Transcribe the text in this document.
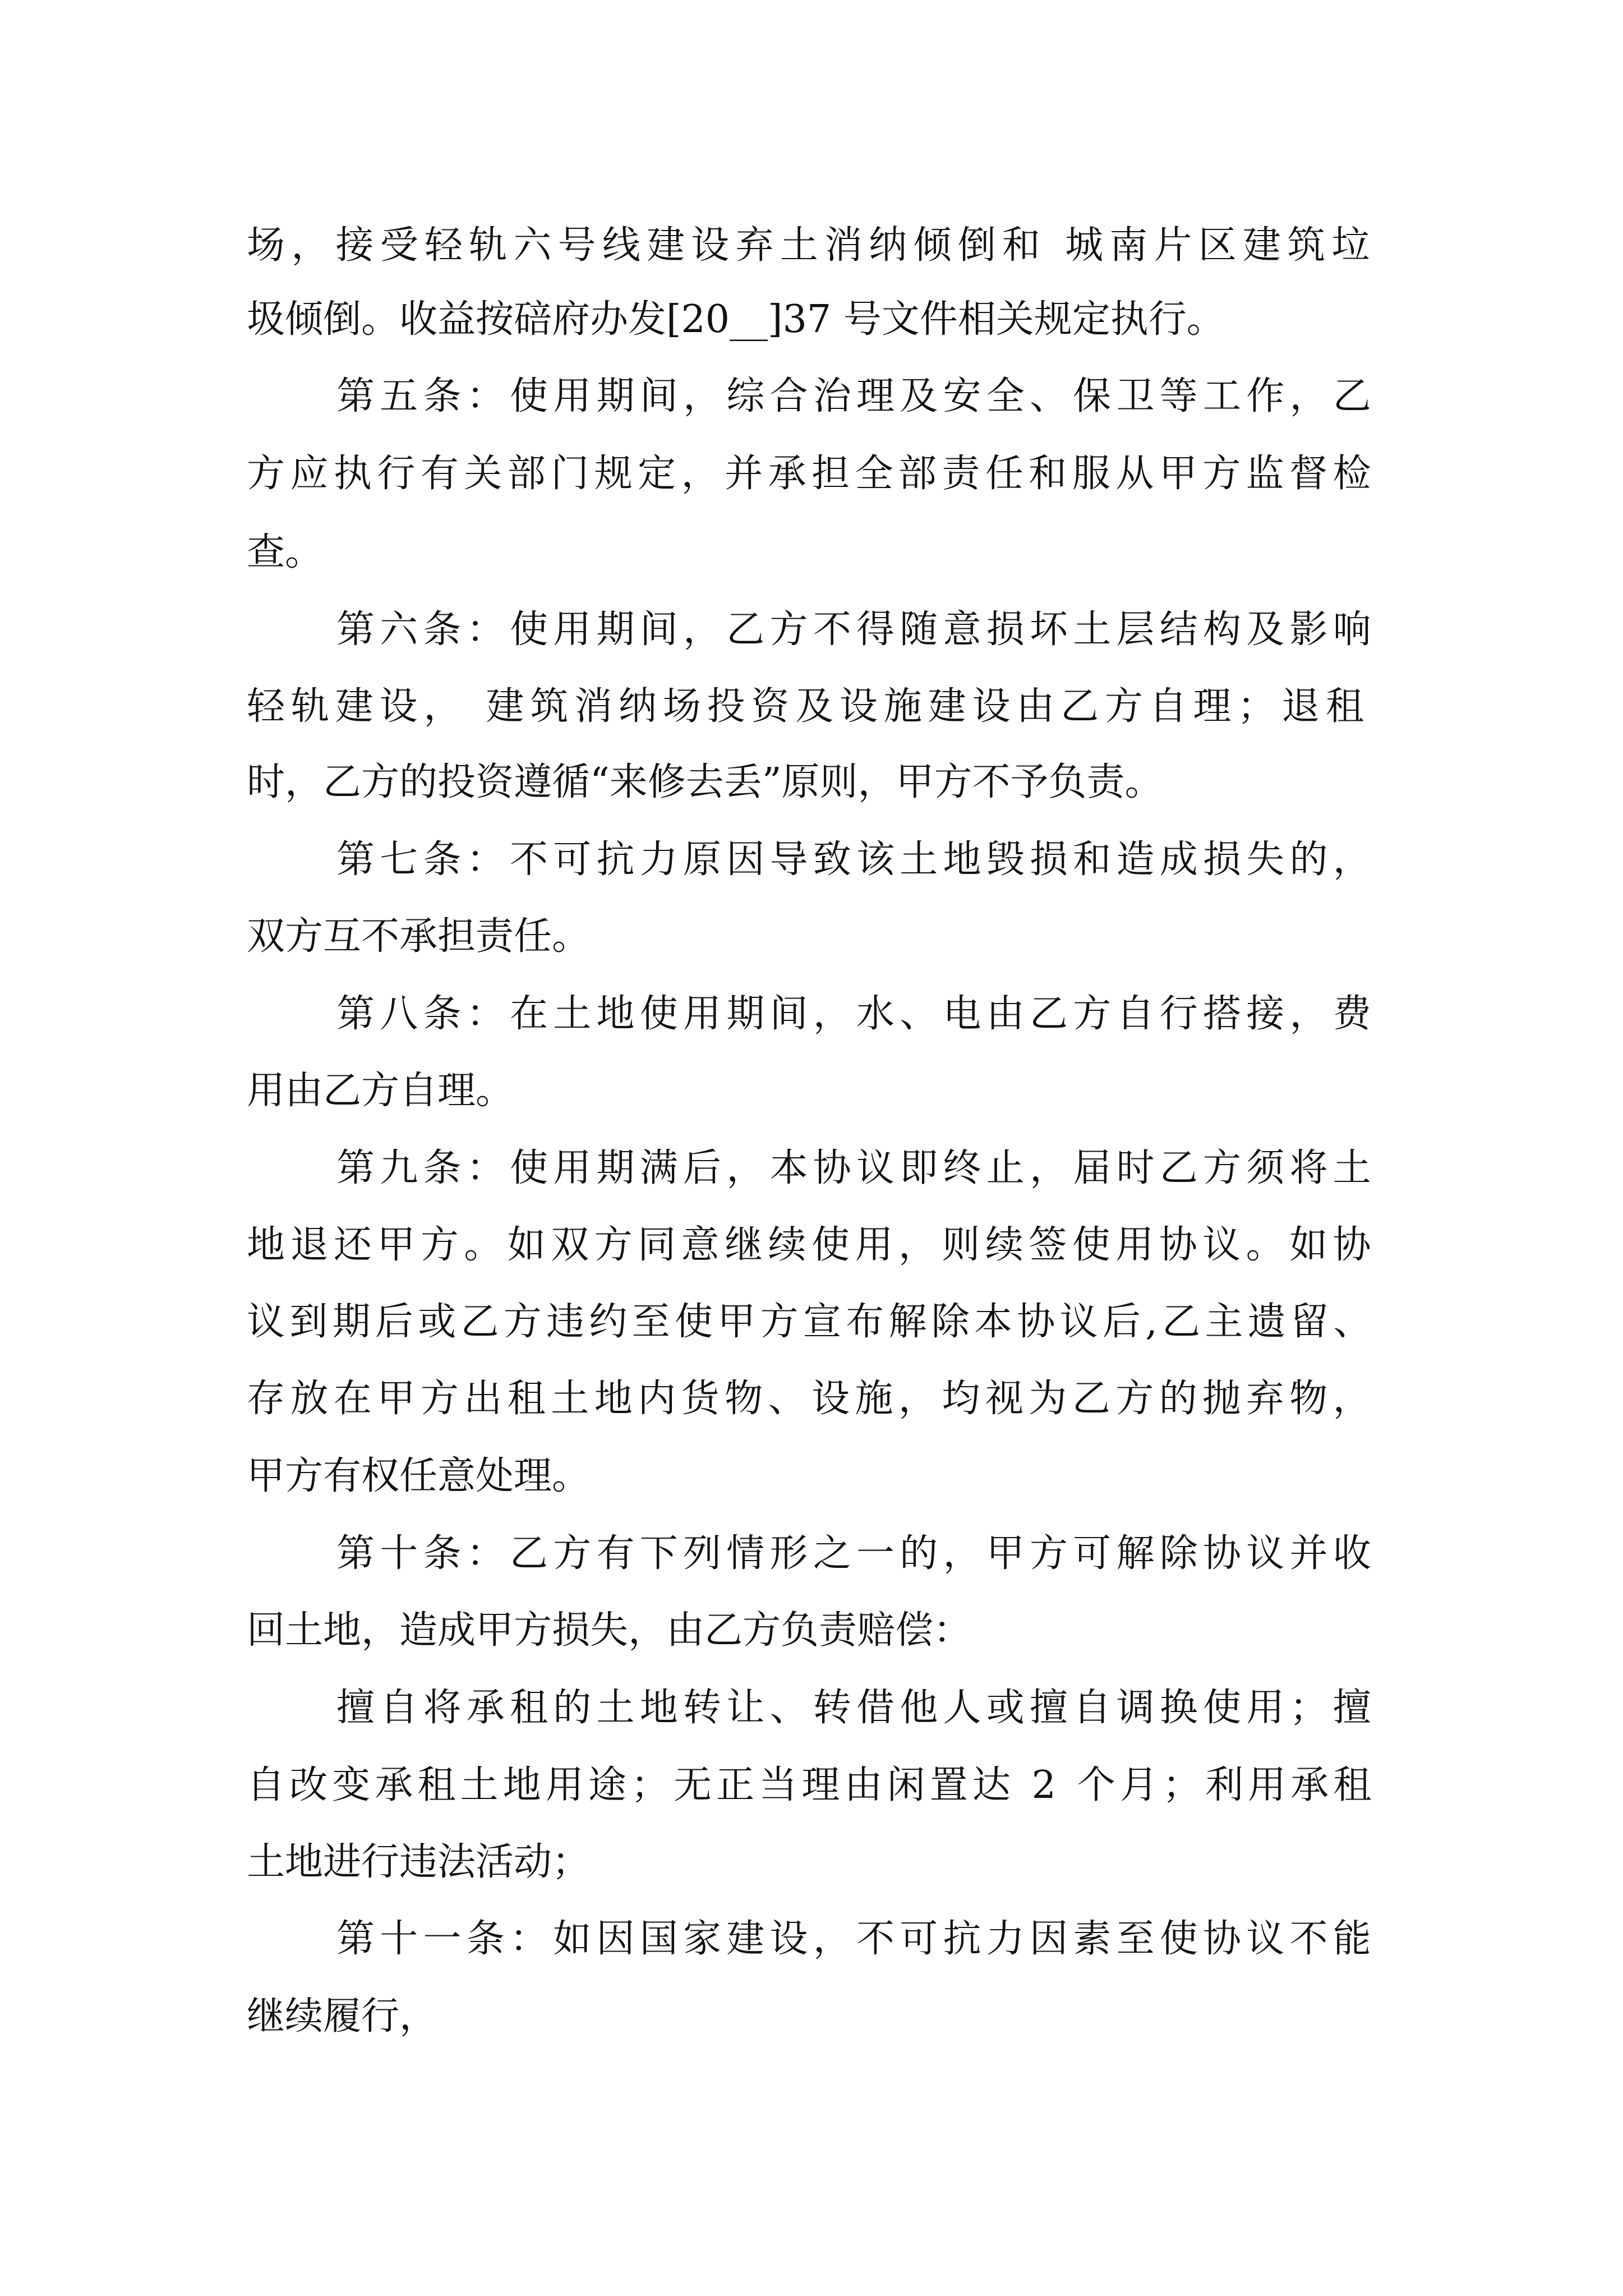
场，接受轻轨六号线建设弃土消纳倾倒和 城南片区建筑垃
圾倾倒。收益按碚府办发[20__]37 号文件相关规定执行。
第五条：使用期间，综合治理及安全、保卫等工作，乙
方应执行有关部门规定，并承担全部责任和服从甲方监督检
查。
第六条：使用期间，乙方不得随意损坏土层结构及影响
轻轨建设， 建筑消纳场投资及设施建设由乙方自理；退租
时，乙方的投资遵循“来修去丢”原则，甲方不予负责。
第七条：不可抗力原因导致该土地毁损和造成损失的，
双方互不承担责任。
第八条：在土地使用期间，水、电由乙方自行搭接，费
用由乙方自理。
第九条：使用期满后，本协议即终止，届时乙方须将土
地退还甲方。如双方同意继续使用，则续签使用协议。如协
议到期后或乙方违约至使甲方宣布解除本协议后,乙主遗留、
存放在甲方出租土地内货物、设施，均视为乙方的抛弃物，
甲方有权任意处理。
第十条：乙方有下列情形之一的，甲方可解除协议并收
回土地，造成甲方损失，由乙方负责赔偿：
擅自将承租的土地转让、转借他人或擅自调换使用；擅
自改变承租土地用途；无正当理由闲置达 2 个月；利用承租
土地进行违法活动；
第十一条：如因国家建设，不可抗力因素至使协议不能
继续履行，
